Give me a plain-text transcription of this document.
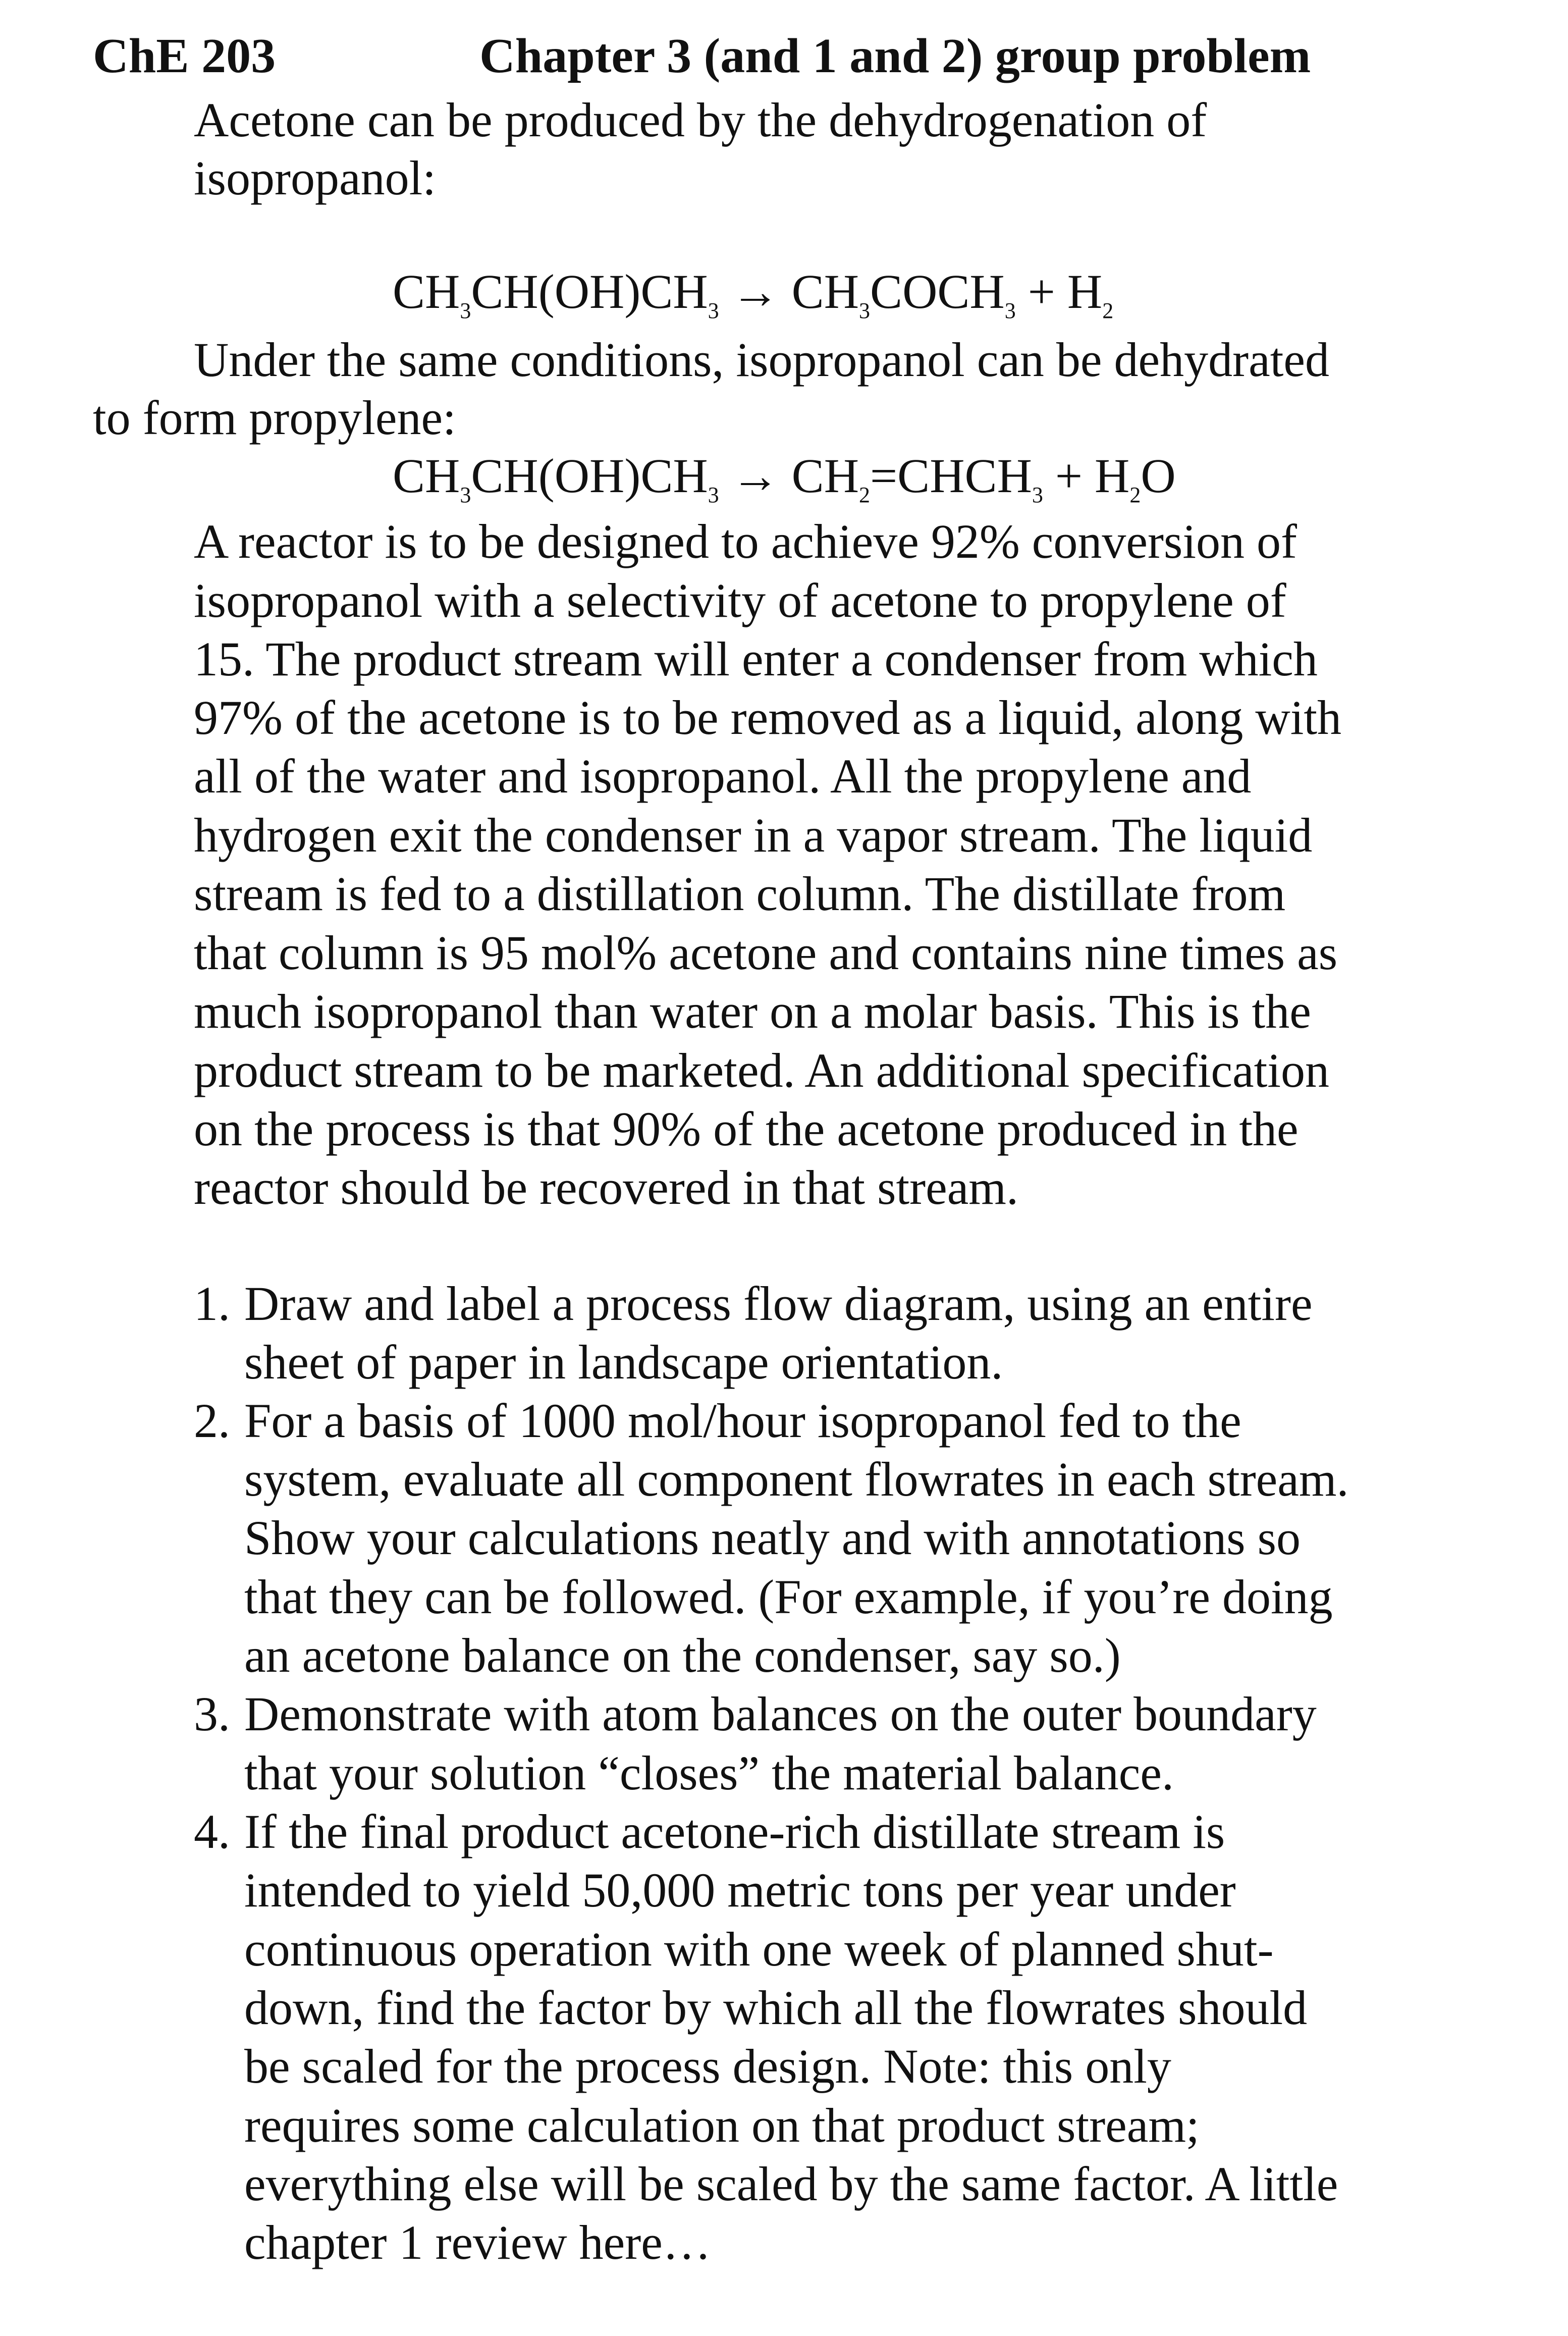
ChE 203	Chapter 3 (and 1 and 2) group problem
Acetone can be produced by the dehydrogenation of
isopropanol:
$CH_3CH(OH)CH_3$ → $CH_3COCH_3 + H_2$
Under the same conditions, isopropanol can be dehydrated
to form propylene:
$CH_3CH(OH)CH_3$ → $CH_2=CHCH_3 + H_2O$
A reactor is to be designed to achieve 92% conversion of
isopropanol with a selectivity of acetone to propylene of
15. The product stream will enter a condenser from which
97% of the acetone is to be removed as a liquid, along with
all of the water and isopropanol. All the propylene and
hydrogen exit the condenser in a vapor stream. The liquid
stream is fed to a distillation column. The distillate from
that column is 95 mol% acetone and contains nine times as
much isopropanol than water on a molar basis. This is the
product stream to be marketed. An additional specification
on the process is that 90% of the acetone produced in the
reactor should be recovered in that stream.
1. Draw and label a process flow diagram, using an entire
sheet of paper in landscape orientation.
2. For a basis of 1000 mol/hour isopropanol fed to the
system, evaluate all component flowrates in each stream.
Show your calculations neatly and with annotations so
that they can be followed. (For example, if you’re doing
an acetone balance on the condenser, say so.)
3. Demonstrate with atom balances on the outer boundary
that your solution “closes” the material balance.
4. If the final product acetone-rich distillate stream is
intended to yield 50,000 metric tons per year under
continuous operation with one week of planned shut-
down, find the factor by which all the flowrates should
be scaled for the process design. Note: this only
requires some calculation on that product stream;
everything else will be scaled by the same factor. A little
chapter 1 review here…
